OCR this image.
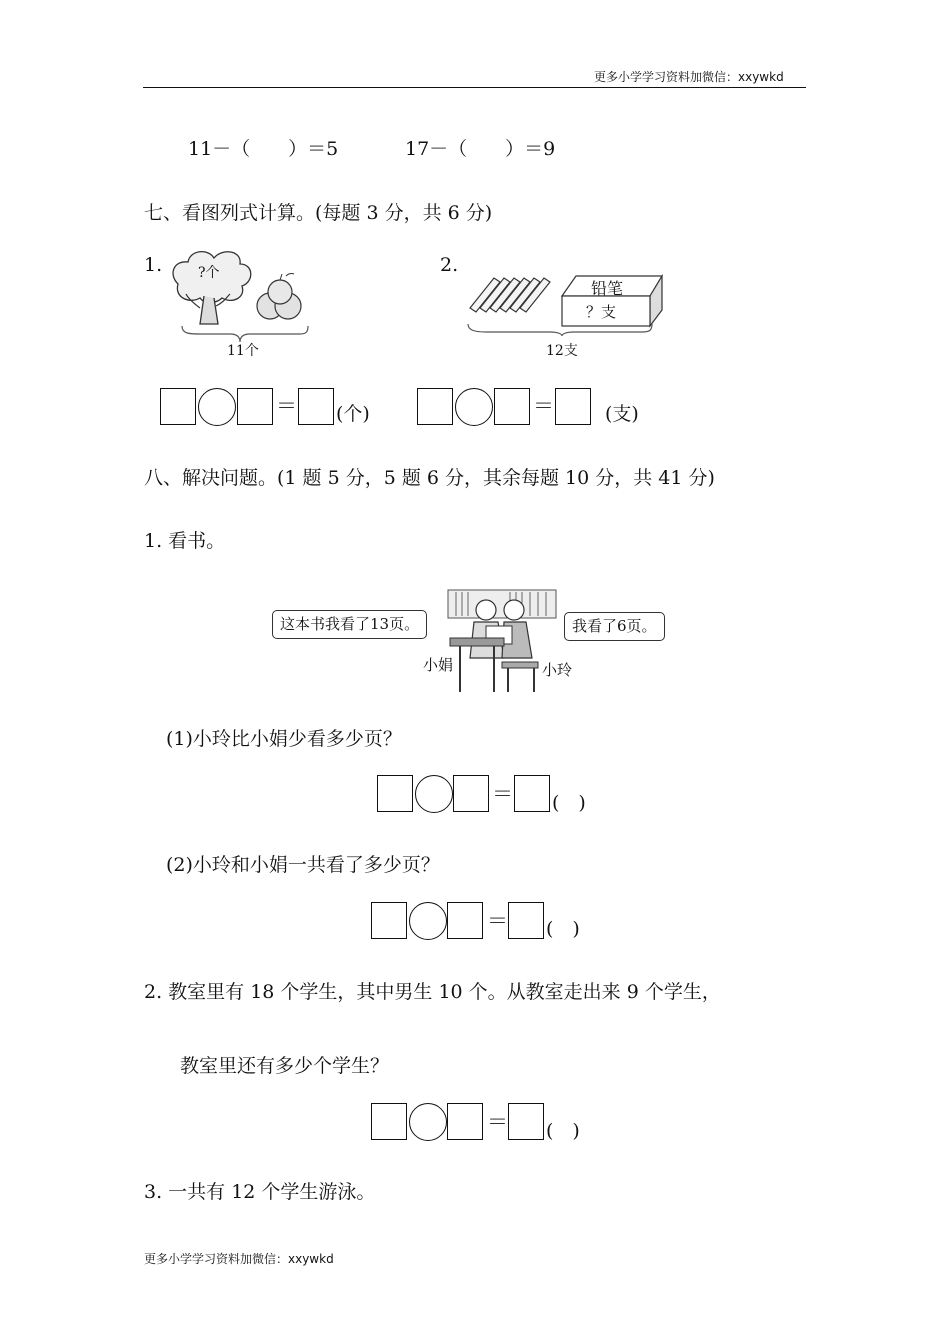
更多小学学习资料加微信：xxywkd
11－（　　）＝5	17－（　　）＝9
七、看图列式计算。(每题 3 分，共 6 分)
1.	?个
11个
2.
铅笔
？支
12支
＝ (个)	＝	(支)
八、解决问题。(1 题 5 分，5 题 6 分，其余每题 10 分，共 41 分)
1. 看书。
这本书我看了13页。	我看了6页。
小娟	小玲
(1)小玲比小娟少看多少页？
＝ (　)
(2)小玲和小娟一共看了多少页？
＝ (　)
2. 教室里有 18 个学生，其中男生 10 个。从教室走出来 9 个学生，
教室里还有多少个学生？
＝ (　)
3. 一共有 12 个学生游泳。
更多小学学习资料加微信：xxywkd
